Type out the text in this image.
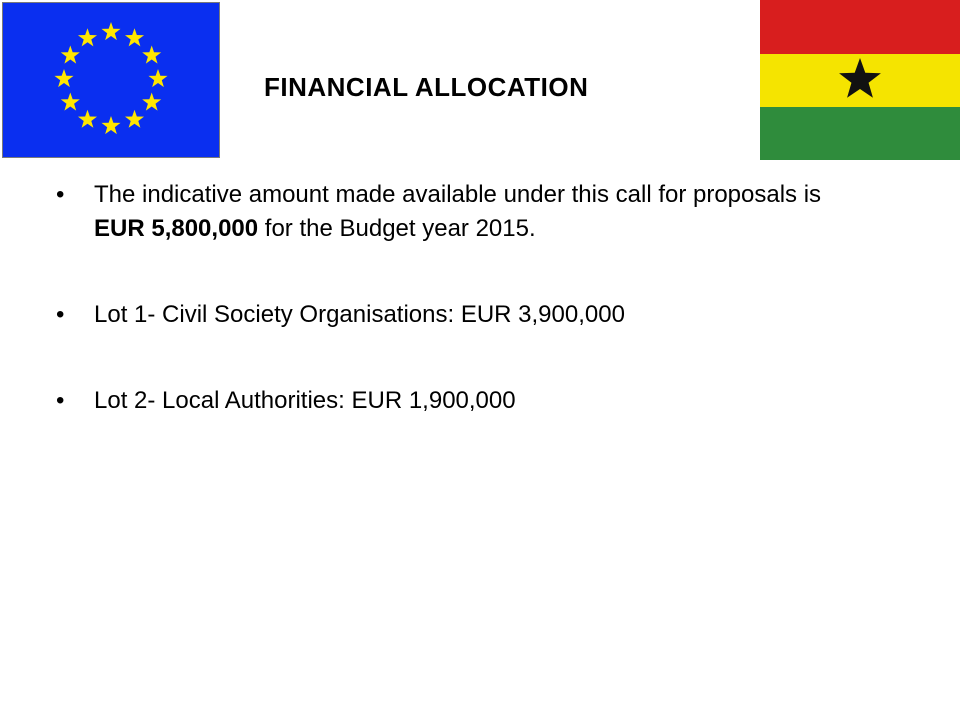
FINANCIAL ALLOCATION
• The indicative amount made available under this call for proposals is EUR 5,800,000 for the Budget year 2015.
• Lot 1- Civil Society Organisations: EUR 3,900,000
• Lot 2- Local Authorities: EUR 1,900,000
